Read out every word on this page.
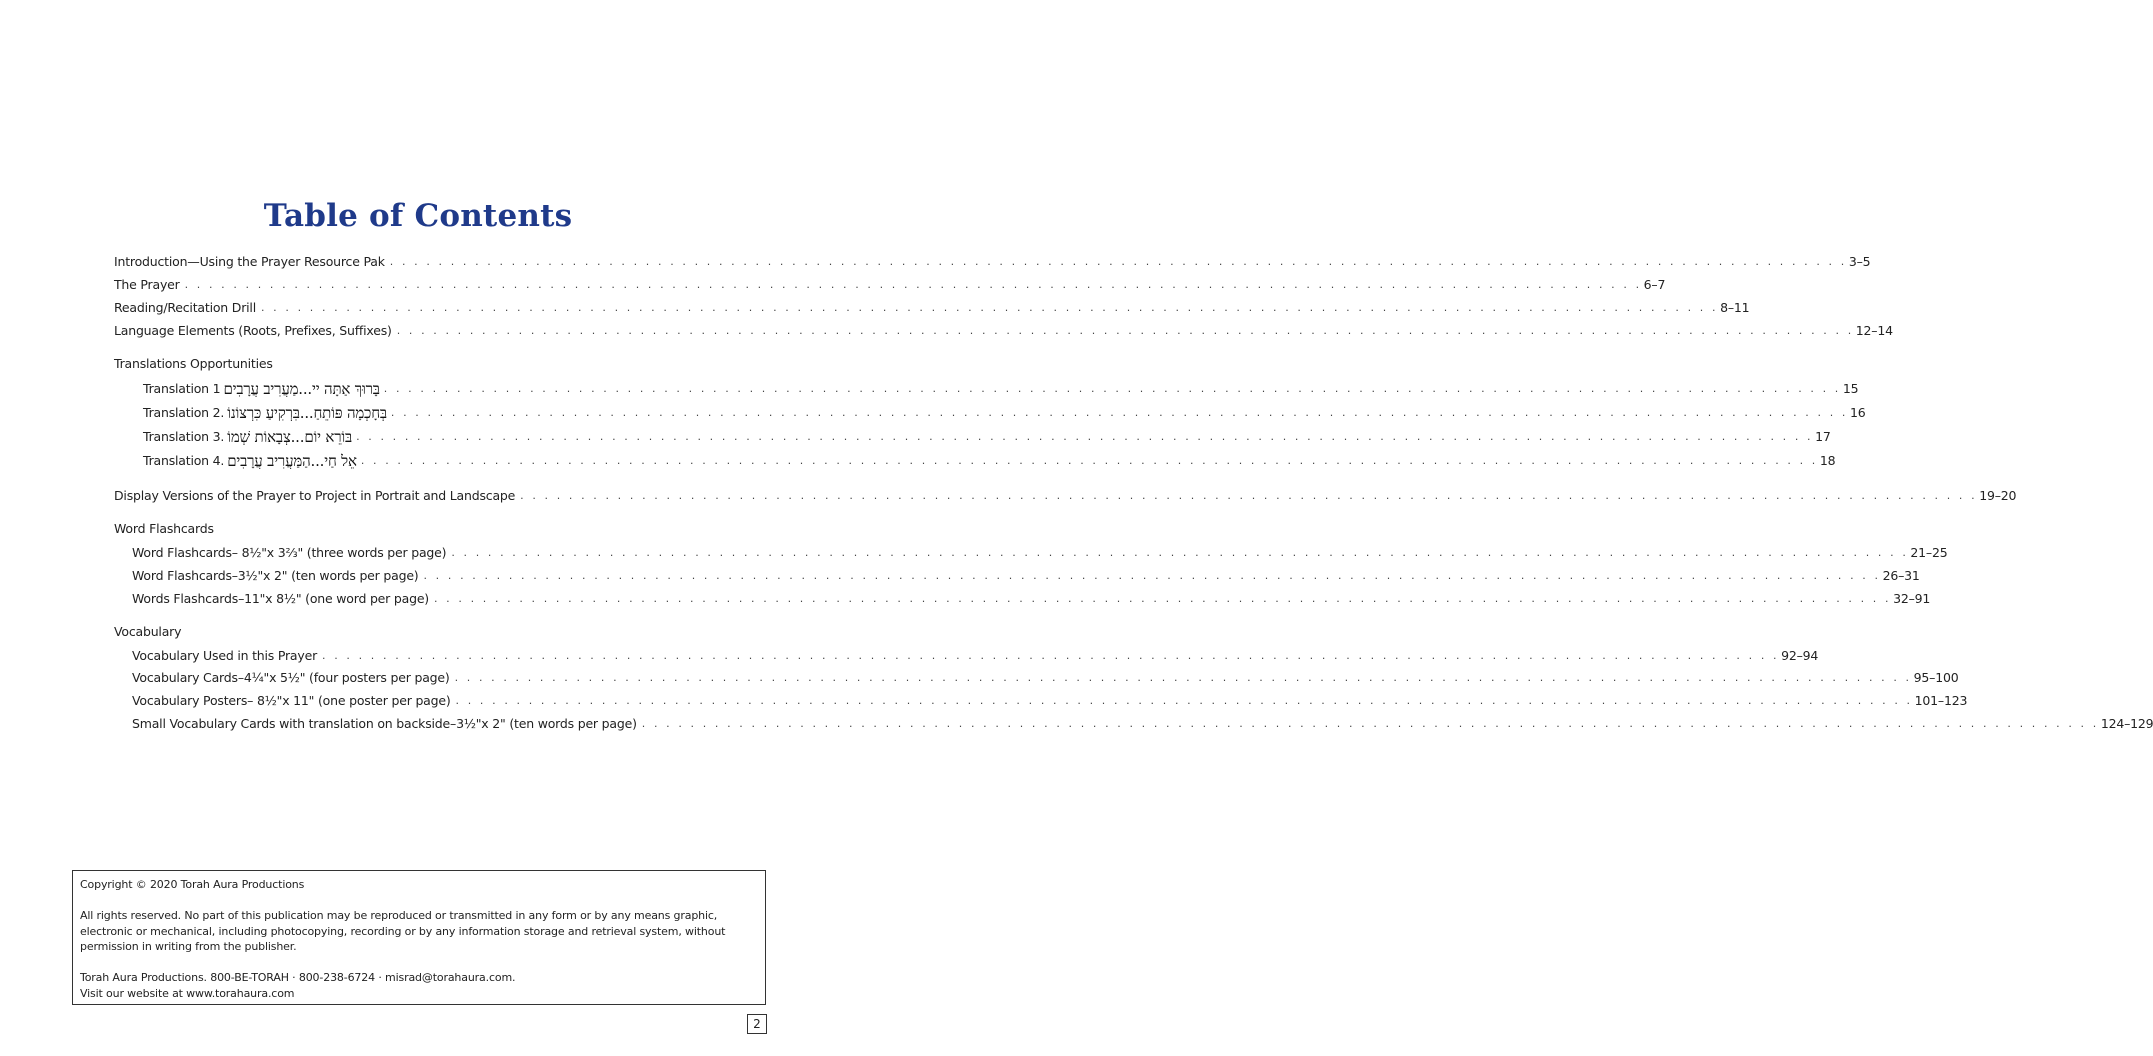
Table of Contents
Introduction—Using the Prayer Resource Pak . . . . . . . . . . . . . . . . . . . . . . . . . . . . . . . . . . . . . . . . . . . . . . . . . . . . . . . . . . . . . . . . . . . . . . . . . . . . . . . . . . . . . . . . . . . . . . . . . . . . . . . . . . . . . . . . . . . . . . . . 3–5
The Prayer . . . . . . . . . . . . . . . . . . . . . . . . . . . . . . . . . . . . . . . . . . . . . . . . . . . . . . . . . . . . . . . . . . . . . . . . . . . . . . . . . . . . . . . . . . . . . . . . . . . . . . . . . . . . . . . . . . . . . . . . 6–7
Reading/Recitation Drill . . . . . . . . . . . . . . . . . . . . . . . . . . . . . . . . . . . . . . . . . . . . . . . . . . . . . . . . . . . . . . . . . . . . . . . . . . . . . . . . . . . . . . . . . . . . . . . . . . . . . . . . . . . . . . . . . . . . . . . . 8–11
Language Elements (Roots, Prefixes, Suffixes) . . . . . . . . . . . . . . . . . . . . . . . . . . . . . . . . . . . . . . . . . . . . . . . . . . . . . . . . . . . . . . . . . . . . . . . . . . . . . . . . . . . . . . . . . . . . . . . . . . . . . . . . . . . . . . . . . . . . . . . . 12–14
Translations Opportunities
Translation 1 בָּרוּךְ אַתָּה יי...מַעֲרִיב עֲרָבִים . . . . . . . . . . . . . . . . . . . . . . . . . . . . . . . . . . . . . . . . . . . . . . . . . . . . . . . . . . . . . . . . . . . . . . . . . . . . . . . . . . . . . . . . . . . . . . . . . . . . . . . . . . . . . . . . . . . . . . . . 15
Translation 2. בְּחָכְמָה פּוֹתֵחַ...בִּרְקִיעַ כִּרְצוֹנוֹ . . . . . . . . . . . . . . . . . . . . . . . . . . . . . . . . . . . . . . . . . . . . . . . . . . . . . . . . . . . . . . . . . . . . . . . . . . . . . . . . . . . . . . . . . . . . . . . . . . . . . . . . . . . . . . . . . . . . . . . . 16
Translation 3. בּוֹרֵא יוֹם...צְבָאוֹת שְׁמוֹ . . . . . . . . . . . . . . . . . . . . . . . . . . . . . . . . . . . . . . . . . . . . . . . . . . . . . . . . . . . . . . . . . . . . . . . . . . . . . . . . . . . . . . . . . . . . . . . . . . . . . . . . . . . . . . . . . . . . . . . . 17
Translation 4. אֵל חַי...הַמַּעֲרִיב עֲרָבִים . . . . . . . . . . . . . . . . . . . . . . . . . . . . . . . . . . . . . . . . . . . . . . . . . . . . . . . . . . . . . . . . . . . . . . . . . . . . . . . . . . . . . . . . . . . . . . . . . . . . . . . . . . . . . . . . . . . . . . . . 18
Display Versions of the Prayer to Project in Portrait and Landscape . . . . . . . . . . . . . . . . . . . . . . . . . . . . . . . . . . . . . . . . . . . . . . . . . . . . . . . . . . . . . . . . . . . . . . . . . . . . . . . . . . . . . . . . . . . . . . . . . . . . . . . . . . . . . . . . . . . . . . . . 19–20
Word Flashcards
Word Flashcards– 8½"x 3⅔" (three words per page) . . . . . . . . . . . . . . . . . . . . . . . . . . . . . . . . . . . . . . . . . . . . . . . . . . . . . . . . . . . . . . . . . . . . . . . . . . . . . . . . . . . . . . . . . . . . . . . . . . . . . . . . . . . . . . . . . . . . . . . . 21–25
Word Flashcards–3½"x 2" (ten words per page) . . . . . . . . . . . . . . . . . . . . . . . . . . . . . . . . . . . . . . . . . . . . . . . . . . . . . . . . . . . . . . . . . . . . . . . . . . . . . . . . . . . . . . . . . . . . . . . . . . . . . . . . . . . . . . . . . . . . . . . . 26–31
Words Flashcards–11"x 8½" (one word per page) . . . . . . . . . . . . . . . . . . . . . . . . . . . . . . . . . . . . . . . . . . . . . . . . . . . . . . . . . . . . . . . . . . . . . . . . . . . . . . . . . . . . . . . . . . . . . . . . . . . . . . . . . . . . . . . . . . . . . . . . 32–91
Vocabulary
Vocabulary Used in this Prayer . . . . . . . . . . . . . . . . . . . . . . . . . . . . . . . . . . . . . . . . . . . . . . . . . . . . . . . . . . . . . . . . . . . . . . . . . . . . . . . . . . . . . . . . . . . . . . . . . . . . . . . . . . . . . . . . . . . . . . . . 92–94
Vocabulary Cards–4¼"x 5½" (four posters per page) . . . . . . . . . . . . . . . . . . . . . . . . . . . . . . . . . . . . . . . . . . . . . . . . . . . . . . . . . . . . . . . . . . . . . . . . . . . . . . . . . . . . . . . . . . . . . . . . . . . . . . . . . . . . . . . . . . . . . . . . 95–100
Vocabulary Posters– 8½"x 11" (one poster per page) . . . . . . . . . . . . . . . . . . . . . . . . . . . . . . . . . . . . . . . . . . . . . . . . . . . . . . . . . . . . . . . . . . . . . . . . . . . . . . . . . . . . . . . . . . . . . . . . . . . . . . . . . . . . . . . . . . . . . . . . 101–123
Small Vocabulary Cards with translation on backside–3½"x 2" (ten words per page) . . . . . . . . . . . . . . . . . . . . . . . . . . . . . . . . . . . . . . . . . . . . . . . . . . . . . . . . . . . . . . . . . . . . . . . . . . . . . . . . . . . . . . . . . . . . . . . . . . . . . . . . . . . . . . . . . . . . . . . . 124–129

Copyright © 2020 Torah Aura Productions

All rights reserved. No part of this publication may be reproduced or transmitted in any form or by any means graphic, electronic or mechanical, including photocopying, recording or by any information storage and retrieval system, without permission in writing from the publisher.

Torah Aura Productions. 800-BE-TORAH · 800-238-6724 · misrad@torahaura.com.

Visit our website at www.torahaura.com

2
